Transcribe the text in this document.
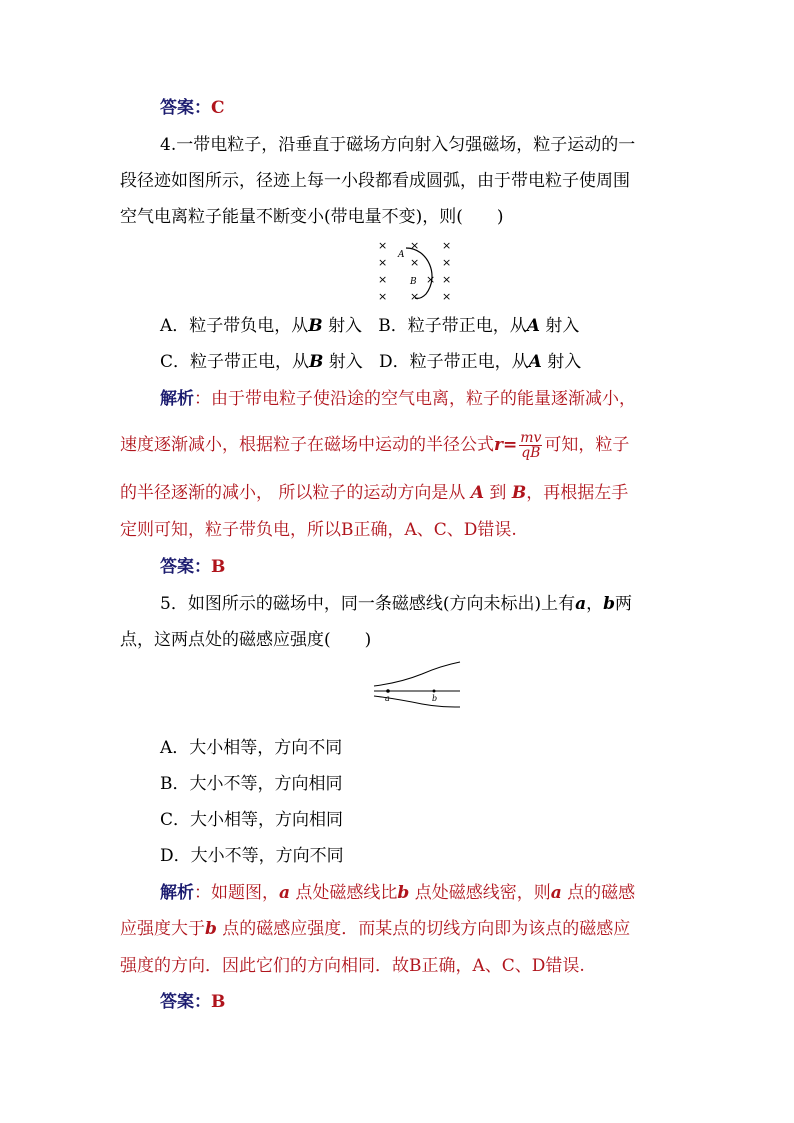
答案：C
4.一带电粒子，沿垂直于磁场方向射入匀强磁场，粒子运动的一
段径迹如图所示，径迹上每一小段都看成圆弧，由于带电粒子使周围
空气电离粒子能量不断变小(带电量不变)，则(　　)
× × ×
× × ×
×	× ×
× × ×
A
B
A．粒子带负电，从B 射入 B．粒子带正电，从A 射入
C．粒子带正电，从B 射入 D．粒子带正电，从A 射入
解析：由于带电粒子使沿途的空气电离，粒子的能量逐渐减小，
速度逐渐减小，根据粒子在磁场中运动的半径公式$r= \frac{mv}{qB}$ 可知，粒子
的半径逐渐的减小， 所以粒子的运动方向是从 A 到 B，再根据左手
定则可知，粒子带负电，所以B正确，A、C、D错误.
答案：B
5．如图所示的磁场中，同一条磁感线(方向未标出)上有a，b两
点，这两点处的磁感应强度(　　)
a	b
A．大小相等，方向不同
B．大小不等，方向相同
C．大小相等，方向相同
D．大小不等，方向不同
解析：如题图，a 点处磁感线比b 点处磁感线密，则a 点的磁感
应强度大于b 点的磁感应强度．而某点的切线方向即为该点的磁感应
强度的方向．因此它们的方向相同．故B正确，A、C、D错误.
答案：B
